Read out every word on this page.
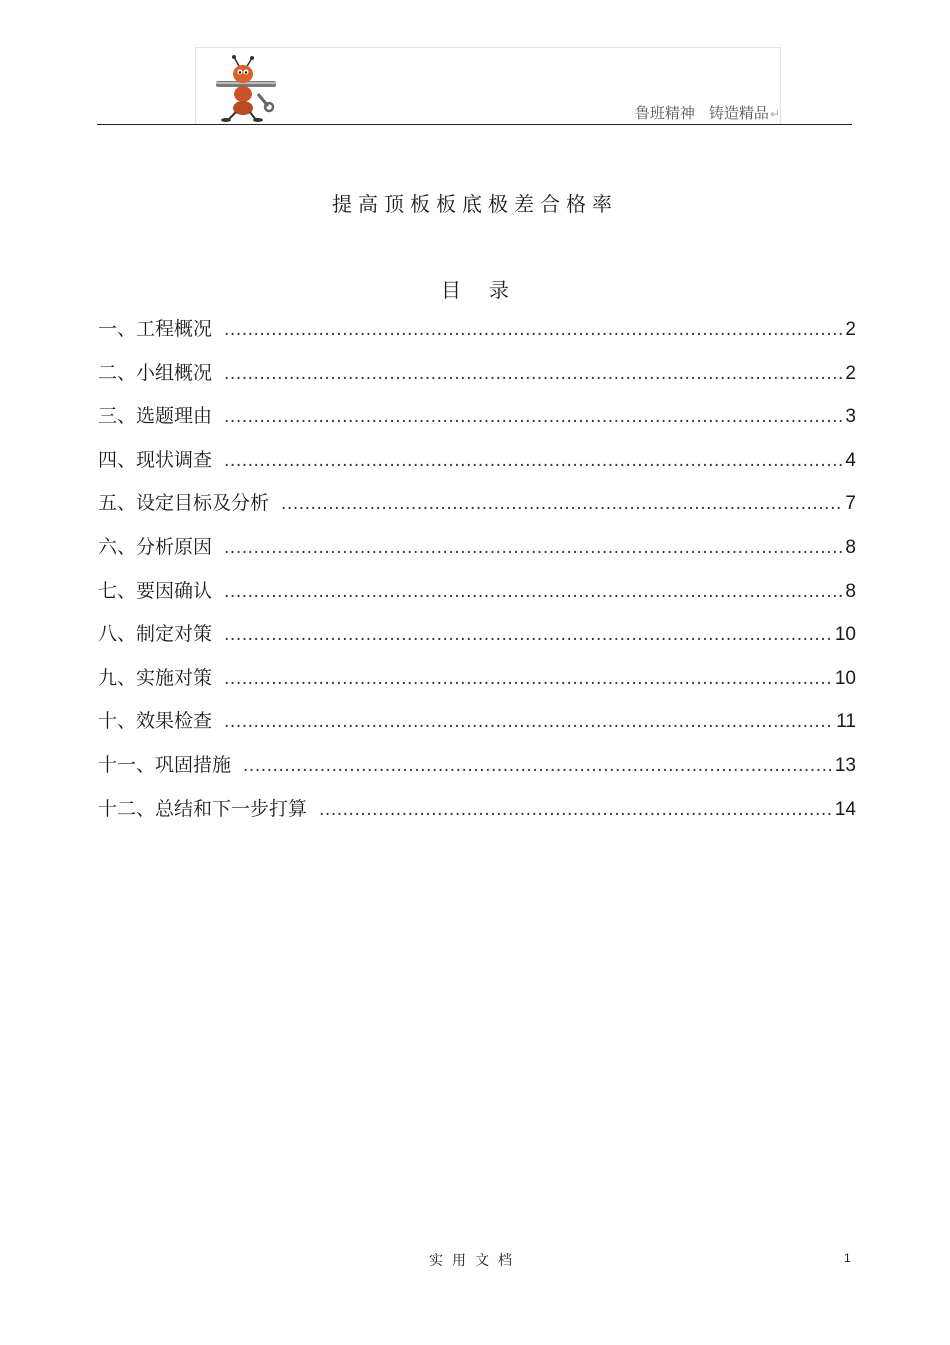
鲁班精神 铸造精品↵
提高顶板板底极差合格率
目录
一、 工程概况 .....	2
二、 小组概况 .....	2
三、 选题理由 .....	3
四、 现状调查 .....	4
五、 设定目标及分析 .....	7
六、 分析原因 .....	8
七、 要因确认 .....	8
八、 制定对策 .....	10
九、 实施对策 .....	10
十、 效果检查 .....	11
十一、 巩固措施 .....	13
十二、 总结和下一步打算 .....	14
实用文档	1
